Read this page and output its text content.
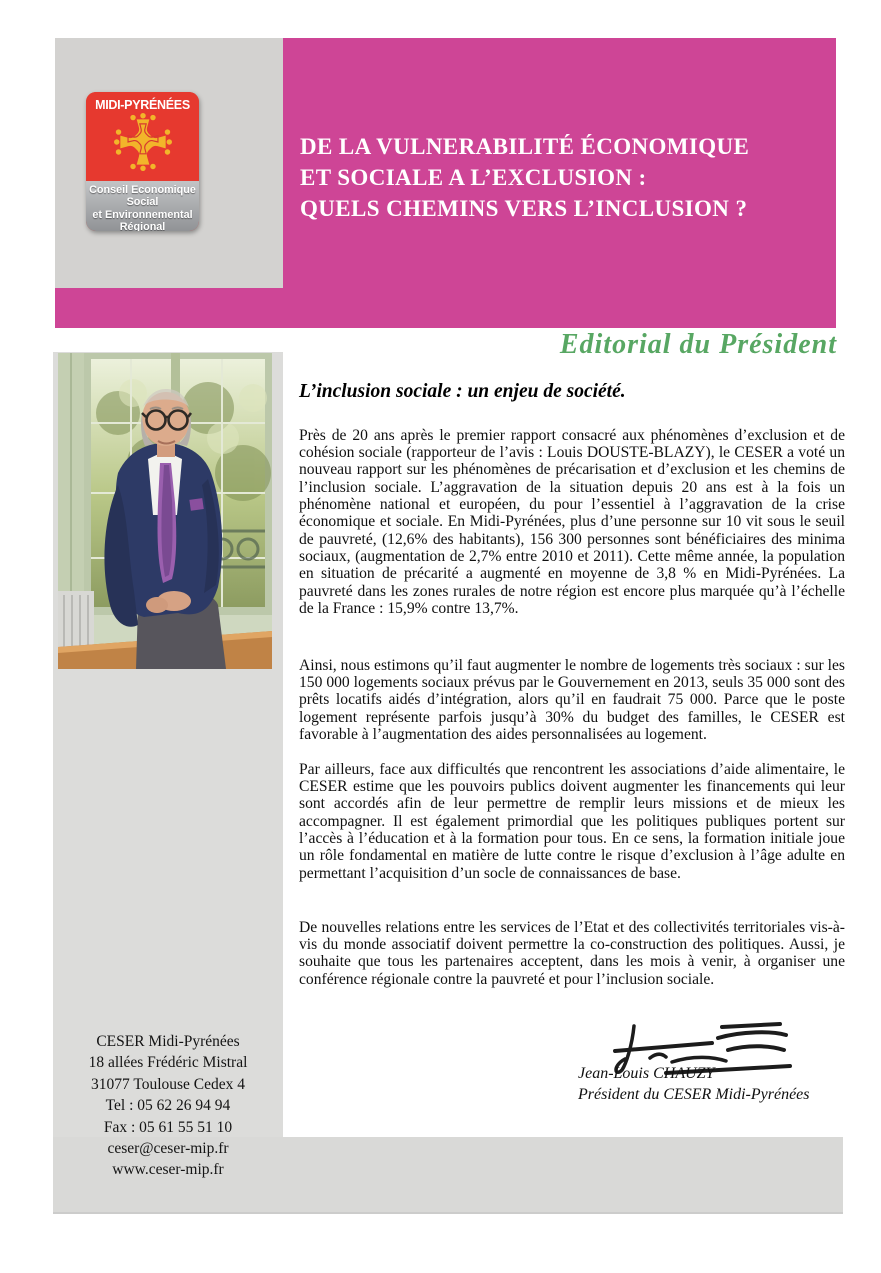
MIDI-PYRÉNÉES
Conseil Economique
Social
et Environnemental
Régional
DE LA VULNERABILITÉ ÉCONOMIQUE
ET SOCIALE A L’EXCLUSION :
QUELS CHEMINS VERS L’INCLUSION ?
Editorial du Président
CESER Midi-Pyrénées
18 allées Frédéric Mistral
31077 Toulouse Cedex 4
Tel : 05 62 26 94 94
Fax : 05 61 55 51 10
ceser@ceser-mip.fr
www.ceser-mip.fr
L’inclusion sociale : un enjeu de société.

Près de 20 ans après le premier rapport consacré aux phénomènes d’exclusion et de cohésion sociale (rapporteur de l’avis : Louis DOUSTE-BLAZY), le CESER a voté un nouveau rapport sur les phénomènes de précarisation et d’exclusion et les chemins de l’inclusion sociale. L’aggravation de la situation depuis 20 ans est à la fois un phénomène national et européen, du pour l’essentiel à l’aggravation de la crise économique et sociale. En Midi-Pyrénées, plus d’une personne sur 10 vit sous le seuil de pauvreté, (12,6% des habitants), 156 300 personnes sont bénéficiaires des minima sociaux, (augmentation de 2,7% entre 2010 et 2011). Cette même année, la population en situation de précarité a augmenté en moyenne de 3,8 % en Midi-Pyrénées. La pauvreté dans les zones rurales de notre région est encore plus marquée qu’à l’échelle de la France : 15,9% contre 13,7%.

Ainsi, nous estimons qu’il faut augmenter le nombre de logements très sociaux : sur les 150 000 logements sociaux prévus par le Gouvernement en 2013, seuls 35 000 sont des prêts locatifs aidés d’intégration, alors qu’il en faudrait 75 000. Parce que le poste logement représente parfois jusqu’à 30% du budget des familles, le CESER est favorable à l’augmentation des aides personnalisées au logement.

Par ailleurs, face aux difficultés que rencontrent les associations d’aide alimentaire, le CESER estime que les pouvoirs publics doivent augmenter les financements qui leur sont accordés afin de leur permettre de remplir leurs missions et de mieux les accompagner. Il est également primordial que les politiques publiques portent sur l’accès à l’éducation et à la formation pour tous. En ce sens, la formation initiale joue un rôle fondamental en matière de lutte contre le risque d’exclusion à l’âge adulte en permettant l’acquisition d’un socle de connaissances de base.

De nouvelles relations entre les services de l’Etat et des collectivités territoriales vis-à-vis du monde associatif doivent permettre la co-construction des politiques. Aussi, je souhaite que tous les partenaires acceptent, dans les mois à venir, à organiser une conférence régionale contre la pauvreté et pour l’inclusion sociale.

Jean-Louis CHAUZY
Président du CESER Midi-Pyrénées
